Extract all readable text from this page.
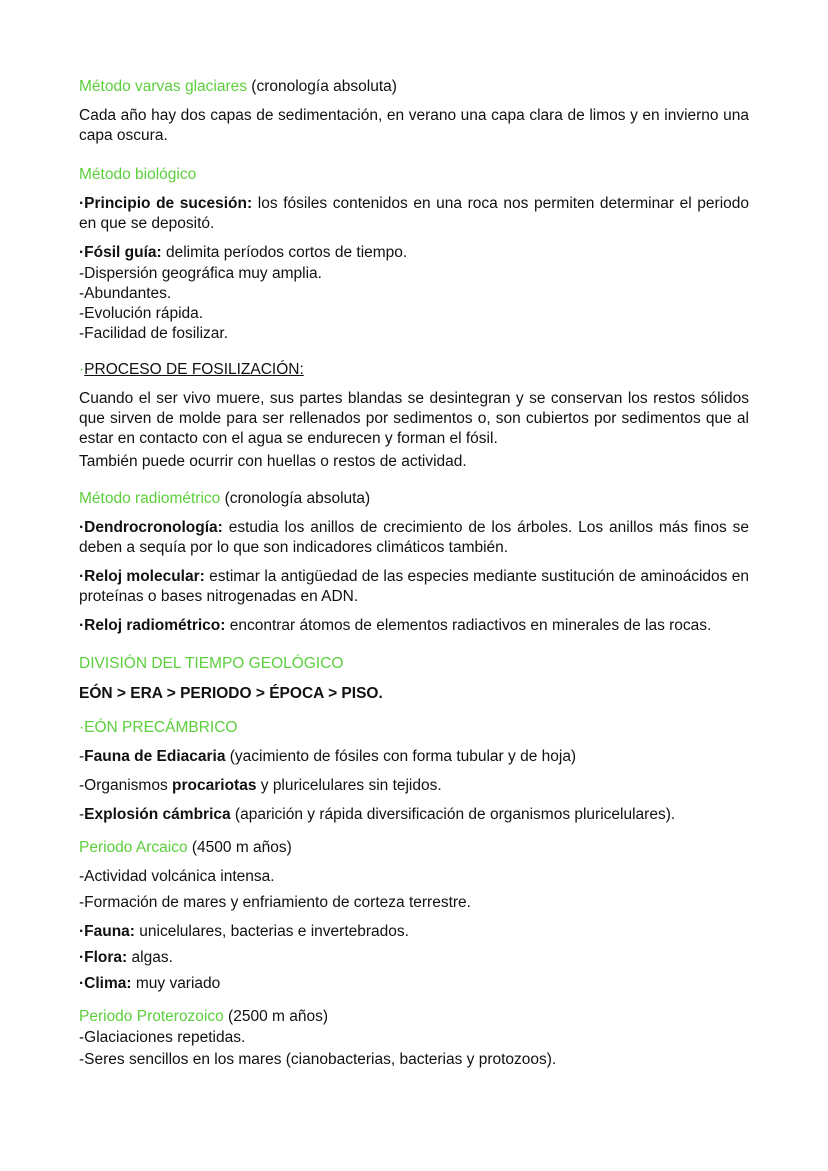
Método varvas glaciares (cronología absoluta)

Cada año hay dos capas de sedimentación, en verano una capa clara de limos y en invierno una capa oscura.

Método biológico

·Principio de sucesión: los fósiles contenidos en una roca nos permiten determinar el periodo en que se depositó.

·Fósil guía: delimita períodos cortos de tiempo.

-Dispersión geográfica muy amplia.

-Abundantes.

-Evolución rápida.

-Facilidad de fosilizar.

·PROCESO DE FOSILIZACIÓN:

Cuando el ser vivo muere, sus partes blandas se desintegran y se conservan los restos sólidos que sirven de molde para ser rellenados por sedimentos o, son cubiertos por sedimentos que al estar en contacto con el agua se endurecen y forman el fósil.

También puede ocurrir con huellas o restos de actividad.

Método radiométrico (cronología absoluta)

·Dendrocronología: estudia los anillos de crecimiento de los árboles. Los anillos más finos se deben a sequía por lo que son indicadores climáticos también.

·Reloj molecular: estimar la antigüedad de las especies mediante sustitución de aminoácidos en proteínas o bases nitrogenadas en ADN.

·Reloj radiométrico: encontrar átomos de elementos radiactivos en minerales de las rocas.

DIVISIÓN DEL TIEMPO GEOLÓGICO

EÓN > ERA > PERIODO > ÉPOCA > PISO.

·EÓN PRECÁMBRICO

-Fauna de Ediacaria (yacimiento de fósiles con forma tubular y de hoja)

-Organismos procariotas y pluricelulares sin tejidos.

-Explosión cámbrica (aparición y rápida diversificación de organismos pluricelulares).

Periodo Arcaico (4500 m años)

-Actividad volcánica intensa.

-Formación de mares y enfriamiento de corteza terrestre.

·Fauna: unicelulares, bacterias e invertebrados.

·Flora: algas.

·Clima: muy variado

Periodo Proterozoico (2500 m años)

-Glaciaciones repetidas.

-Seres sencillos en los mares (cianobacterias, bacterias y protozoos).
